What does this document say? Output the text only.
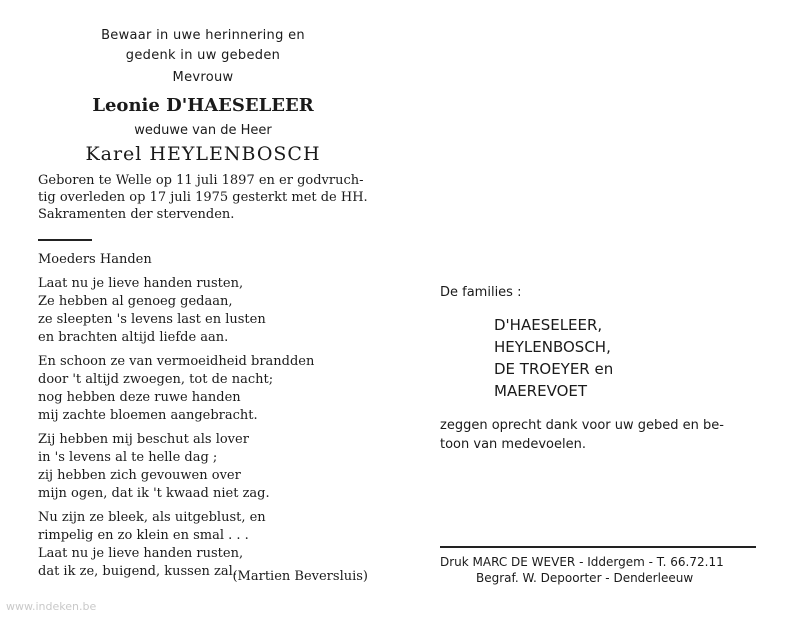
Bewaar in uwe herinnering en
gedenk in uw gebeden
Mevrouw
Leonie D'HAESELEER
weduwe van de Heer
Karel HEYLENBOSCH
Geboren te Welle op 11 juli 1897 en er godvruch-
tig overleden op 17 juli 1975 gesterkt met de HH.
Sakramenten der stervenden.
Moeders Handen
Laat nu je lieve handen rusten,
Ze hebben al genoeg gedaan,
ze sleepten 's levens last en lusten
en brachten altijd liefde aan.
En schoon ze van vermoeidheid brandden
door 't altijd zwoegen, tot de nacht;
nog hebben deze ruwe handen
mij zachte bloemen aangebracht.
Zij hebben mij beschut als lover
in 's levens al te helle dag ;
zij hebben zich gevouwen over
mijn ogen, dat ik 't kwaad niet zag.
Nu zijn ze bleek, als uitgeblust, en
rimpelig en zo klein en smal . . .
Laat nu je lieve handen rusten,
dat ik ze, buigend, kussen zal.
(Martien Beversluis)
De families :
D'HAESELEER,
HEYLENBOSCH,
DE TROEYER en
MAEREVOET
zeggen oprecht dank voor uw gebed en be-
toon van medevoelen.
Druk MARC DE WEVER - Iddergem - T. 66.72.11
Begraf. W. Depoorter - Denderleeuw
www.indeken.be
